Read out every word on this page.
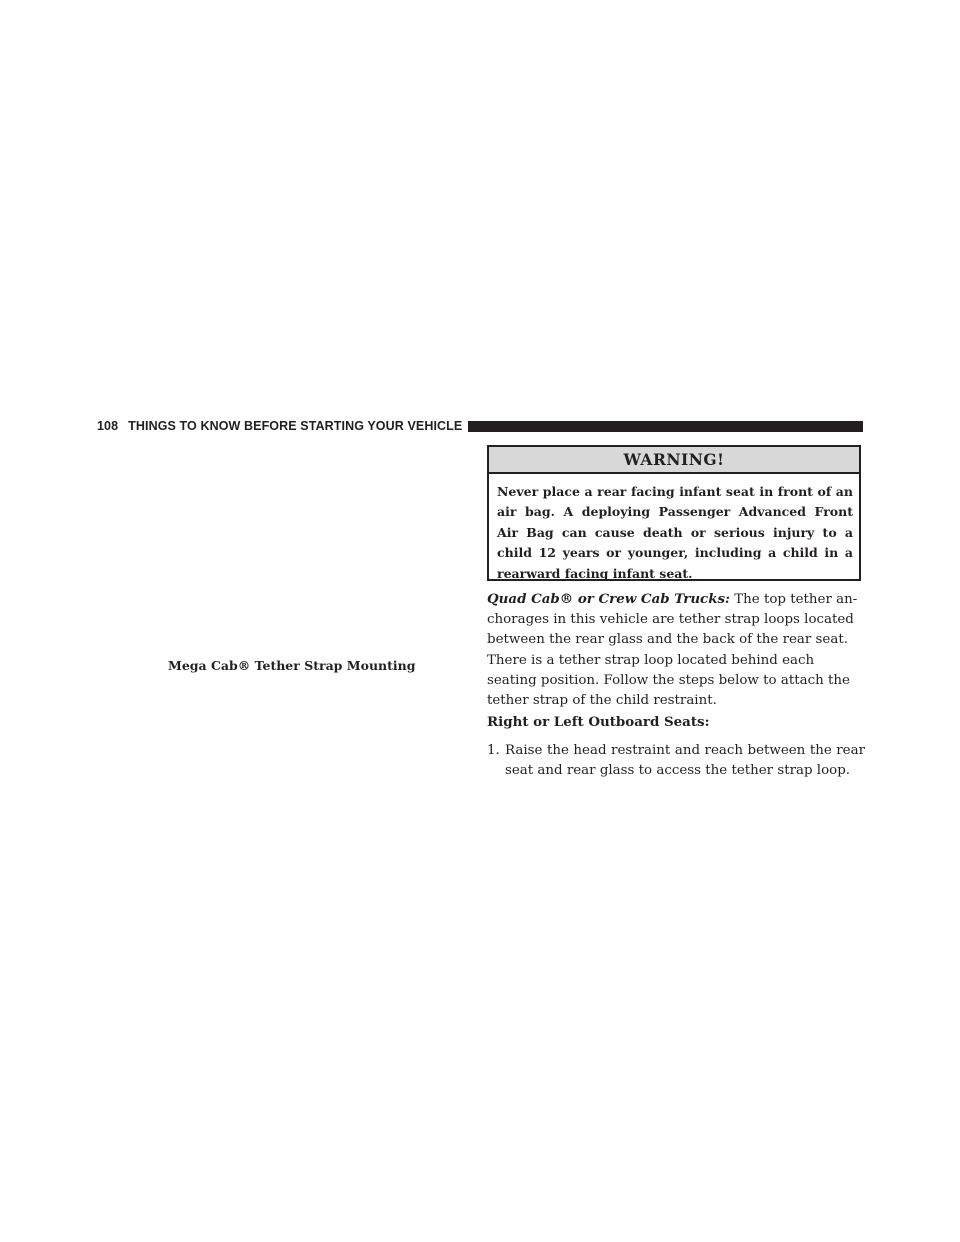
108 THINGS TO KNOW BEFORE STARTING YOUR VEHICLE
WARNING!
Never place a rear facing infant seat in front of an air bag. A deploying Passenger Advanced Front Air Bag can cause death or serious injury to a child 12 years or younger, including a child in a rearward facing infant seat.
Mega Cab® Tether Strap Mounting
Quad Cab® or Crew Cab Trucks: The top tether an-chorages in this vehicle are tether strap loops located between the rear glass and the back of the rear seat. There is a tether strap loop located behind each seating position. Follow the steps below to attach the tether strap of the child restraint.
Right or Left Outboard Seats:
1. Raise the head restraint and reach between the rear seat and rear glass to access the tether strap loop.
